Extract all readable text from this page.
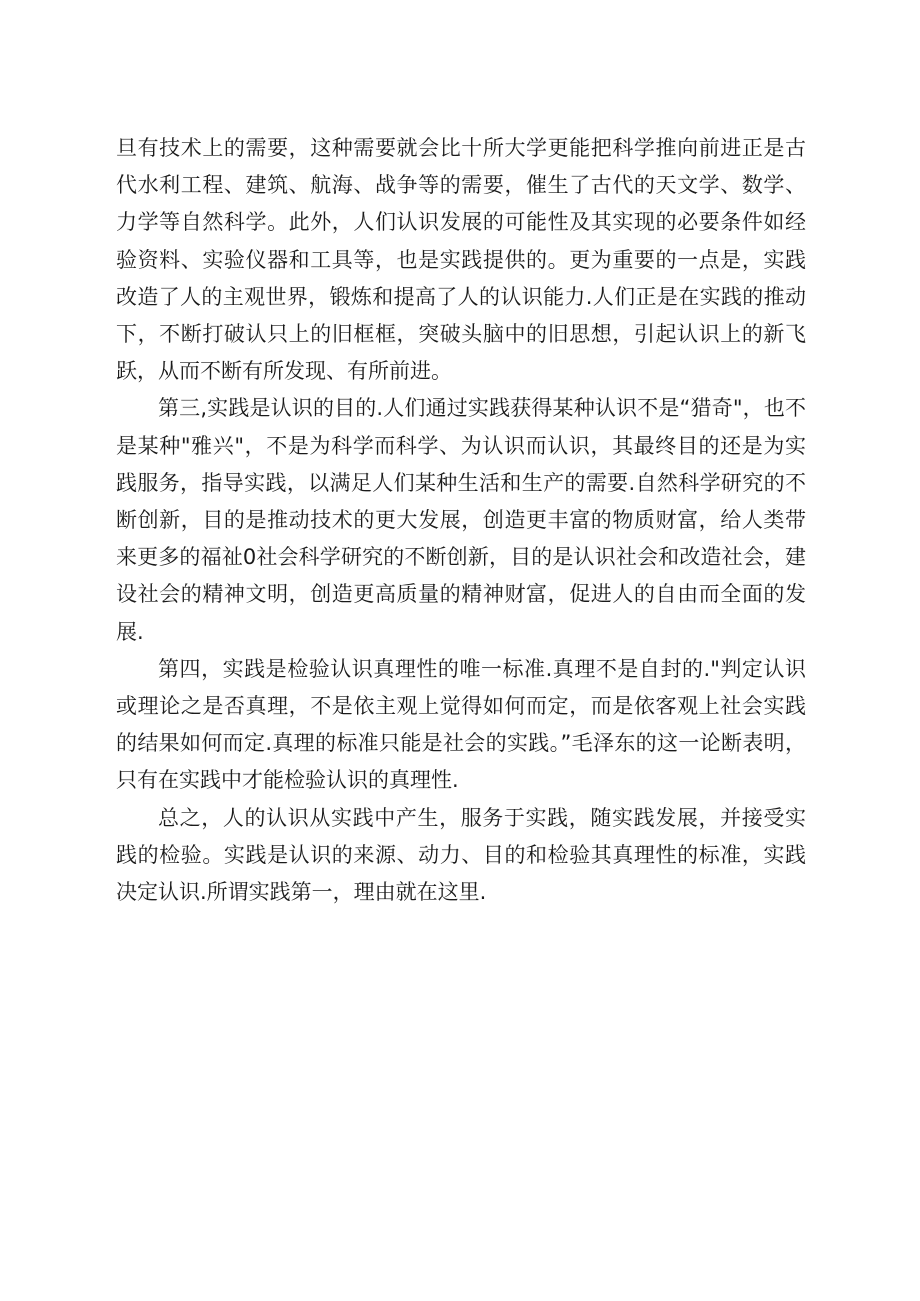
旦有技术上的需要，这种需要就会比十所大学更能把科学推向前进正是古代水利工程、建筑、航海、战争等的需要，催生了古代的天文学、数学、力学等自然科学。此外，人们认识发展的可能性及其实现的必要条件如经验资料、实验仪器和工具等，也是实践提供的。更为重要的一点是，实践改造了人的主观世界，锻炼和提高了人的认识能力.人们正是在实践的推动下，不断打破认只上的旧框框，突破头脑中的旧思想，引起认识上的新飞跃，从而不断有所发现、有所前进。

第三,实践是认识的目的.人们通过实践获得某种认识不是“猎奇"，也不是某种"雅兴"，不是为科学而科学、为认识而认识，其最终目的还是为实践服务，指导实践，以满足人们某种生活和生产的需要.自然科学研究的不断创新，目的是推动技术的更大发展，创造更丰富的物质财富，给人类带来更多的福祉0社会科学研究的不断创新，目的是认识社会和改造社会，建设社会的精神文明，创造更高质量的精神财富，促进人的自由而全面的发展.

第四，实践是检验认识真理性的唯一标准.真理不是自封的."判定认识或理论之是否真理，不是依主观上觉得如何而定，而是依客观上社会实践的结果如何而定.真理的标准只能是社会的实践。”毛泽东的这一论断表明，只有在实践中才能检验认识的真理性.

总之，人的认识从实践中产生，服务于实践，随实践发展，并接受实践的检验。实践是认识的来源、动力、目的和检验其真理性的标准，实践决定认识.所谓实践第一，理由就在这里.
